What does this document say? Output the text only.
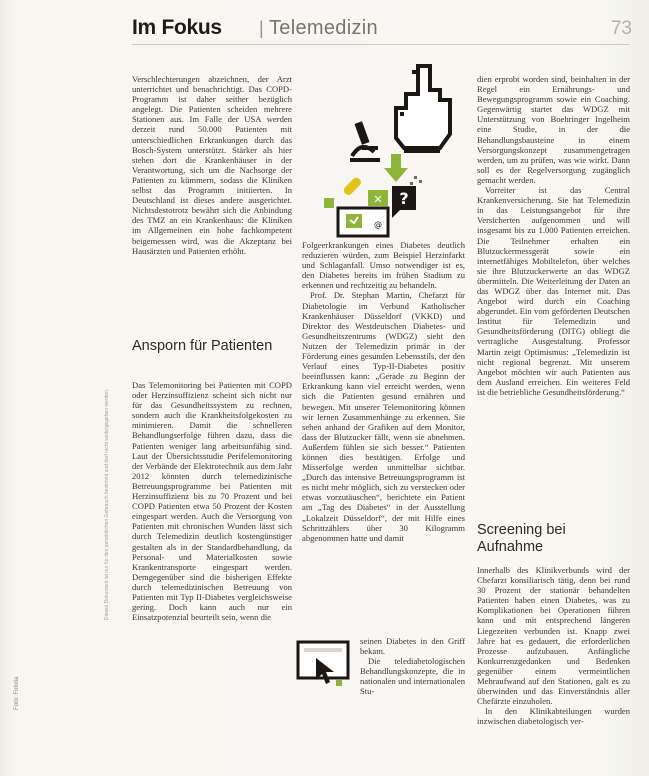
Im Fokus | Telemedizin	73

Verschlechterungen abzeichnen, der Arzt unterrichtet und benachrichtigt. Das COPD-Programm ist daher seither bezüglich angelegt. Die Patienten scheiden mehrere Stationen aus. Im Falle der USA werden derzeit rund 50.000 Patienten mit unterschiedlichen Erkrankungen durch das Bosch-System unterstützt. Stärker als hier stehen dort die Krankenhäuser in der Verantwortung, sich um die Nachsorge der Patienten zu kümmern, sodass die Kliniken selbst das Programm initiierten. In Deutschland ist dieses andere ausgerichtet. Nichtsdestotrotz bewährt sich die Anbindung des TMZ an ein Krankenhaus: die Kliniken im Allgemeinen ein hohe fachkompetent beigemessen wird, was die Akzeptanz bei Hausärzten und Patienten erhöht.

Ansporn für Patienten

Das Telemonitoring bei Patienten mit COPD oder Herzinsuffizienz scheint sich nicht nur für das Gesundheitssystem zu rechnen, sondern auch die Krankheitsfolgekosten zu minimieren. Damit die schnelleren Behandlungserfolge führen dazu, dass die Patienten weniger lang arbeitsunfähig sind. Laut der Übersichtsstudie Perifelemonitoring der Verbände der Elektrotechnik aus dem Jahr 2012 könnten durch telemedizinische Betreuungsprogramme bei Patienten mit Herzinsuffizienz bis zu 70 Prozent und bei COPD Patienten etwa 50 Prozent der Kosten eingespart werden. Auch die Versorgung von Patienten mit chronischen Wunden lässt sich durch Telemedizin deutlich kostengünstiger gestalten als in der Standardbehandlung, da Personal- und Materialkosten sowie Krankentransporte eingespart werden. Demgegenüber sind die bisherigen Effekte durch telemedizinischen Betreuung von Patienten mit Typ II-Diabetes vergleichsweise gering. Doch kann auch nur ein Einsatzpotenzial beurteilt sein, wenn die

?
@
✕

Folgeerkrankungen eines Diabetes deutlich reduzieren würden, zum Beispiel Herzinfarkt und Schlaganfall. Umso notwendiger ist es, den Diabetes bereits im frühen Stadium zu erkennen und rechtzeitig zu behandeln.

Prof. Dr. Stephan Martin, Chefarzt für Diabetologie im Verbund Katholischer Krankenhäuser Düsseldorf (VKKD) und Direktor des Westdeutschen Diabetes- und Gesundheitszentrums (WDGZ) sieht den Nutzen der Telemedizin primär in der Förderung eines gesunden Lebensstils, der den Verlauf eines Typ-II-Diabetes positiv beeinflussen kann: „Gerade zu Beginn der Erkrankung kann viel erreicht werden, wenn sich die Patienten gesund ernähren und bewegen. Mit unserer Telemonitoring können wir lernen Zusammenhänge zu erkennen. Sie sehen anhand der Grafiken auf dem Monitor, dass der Blutzucker fällt, wenn sie abnehmen. Außerdem fühlen sie sich besser.“ Patienten können dies bestätigen. Erfolge und Misserfolge werden unmittelbar sichtbar. „Durch das intensive Betreuungsprogramm ist es nicht mehr möglich, sich zu verstecken oder etwas vorzutäuschen“, berichtete ein Patient am „Tag des Diabetes“ in der Ausstellung „Lokalzeit Düsseldorf“, der mit Hilfe eines Schrittzählers über 30 Kilogramm abgenommen hatte und damit

seinen Diabetes in den Griff bekam.

Die telediabetologischen Behandlungskonzepte, die in nationalen und internationalen Stu-

dien erprobt worden sind, beinhalten in der Regel ein Ernährungs- und Bewegungsprogramm sowie ein Coaching. Gegenwärtig startet das WDGZ mit Unterstützung von Boehringer Ingelheim eine Studie, in der die Behandlungsbausteine in einem Versorgungskonzept zusammengetragen werden, um zu prüfen, was wie wirkt. Dann soll es der Regelversorgung zugänglich gemacht werden.

Vorreiter ist das Central Krankenversicherung. Sie hat Telemedizin in das Leistungsangebot für ihre Versicherten aufgenommen und will insgesamt bis zu 1.000 Patienten erreichen. Die Teilnehmer erhalten ein Blutzuckermessgerät sowie ein internetfähiges Mobiltelefon, über welches sie ihre Blutzuckerwerte an das WDGZ übermitteln. Die Weiterleitung der Daten an das WDGZ über das Internet mit. Das Angebot wird durch ein Coaching abgerundet. Ein vom geförderten Deutschen Institut für Telemedizin und Gesundheitsförderung (DITG) obliegt die vertragliche Ausgestaltung. Professor Martin zeigt Optimismus: „Telemedizin ist nicht regional begrenzt. Mit unserem Angebot möchten wir auch Patienten aus dem Ausland erreichen. Ein weiteres Feld ist die betriebliche Gesundheitsförderung.“

Screening bei Aufnahme

Innerhalb des Klinikverbunds wird der Chefarzt konsiliarisch tätig, denn bei rund 30 Prozent der stationär behandelten Patienten haben einen Diabetes, was zu Komplikationen bei Operationen führen kann und mit entsprechend längeren Liegezeiten verbunden ist. Knapp zwei Jahre hat es gedauert, die erforderlichen Prozesse aufzubauen. Anfängliche Konkurrenzgedanken und Bedenken gegenüber einem vermeintlichen Mehraufwand auf den Stationen, galt es zu überwinden und das Einverständnis aller Chefärzte einzuholen.

In den Klinikabteilungen wurden inzwischen diabetologisch ver-

Foto: Fotolia
Dieses Dokument ist nur für den persönlichen Gebrauch bestimmt und darf nicht weitergegeben werden.
